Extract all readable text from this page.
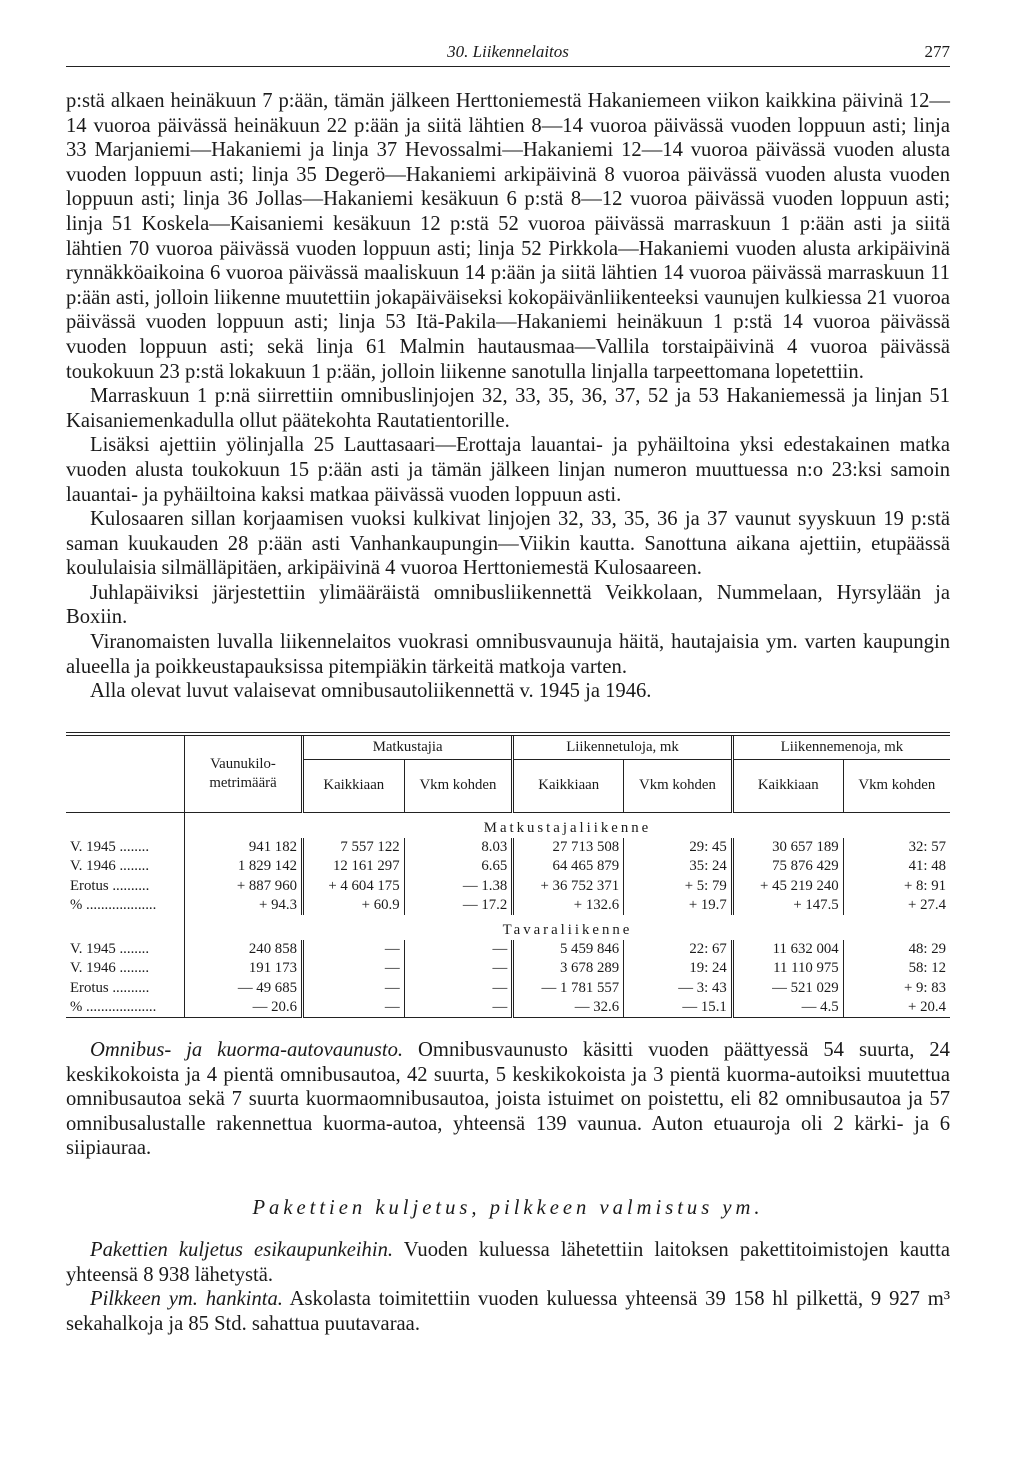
30. Liikennelaitos	277

p:stä alkaen heinäkuun 7 p:ään, tämän jälkeen Herttoniemestä Hakaniemeen viikon kaikkina päivinä 12—14 vuoroa päivässä heinäkuun 22 p:ään ja siitä lähtien 8—14 vuoroa päivässä vuoden loppuun asti; linja 33 Marjaniemi—Hakaniemi ja linja 37 Hevossalmi—Hakaniemi 12—14 vuoroa päivässä vuoden alusta vuoden loppuun asti; linja 35 Degerö—Hakaniemi arkipäivinä 8 vuoroa päivässä vuoden alusta vuoden loppuun asti; linja 36 Jollas—Hakaniemi kesäkuun 6 p:stä 8—12 vuoroa päivässä vuoden loppuun asti; linja 51 Koskela—Kaisaniemi kesäkuun 12 p:stä 52 vuoroa päivässä marraskuun 1 p:ään asti ja siitä lähtien 70 vuoroa päivässä vuoden loppuun asti; linja 52 Pirkkola—Hakaniemi vuoden alusta arkipäivinä rynnäkköaikoina 6 vuoroa päivässä maaliskuun 14 p:ään ja siitä lähtien 14 vuoroa päivässä marraskuun 11 p:ään asti, jolloin liikenne muutettiin jokapäiväiseksi kokopäivänliikenteeksi vaunujen kulkiessa 21 vuoroa päivässä vuoden loppuun asti; linja 53 Itä-Pakila—Hakaniemi heinäkuun 1 p:stä 14 vuoroa päivässä vuoden loppuun asti; sekä linja 61 Malmin hautausmaa—Vallila torstaipäivinä 4 vuoroa päivässä toukokuun 23 p:stä lokakuun 1 p:ään, jolloin liikenne sanotulla linjalla tarpeettomana lopetettiin.

Marraskuun 1 p:nä siirrettiin omnibuslinjojen 32, 33, 35, 36, 37, 52 ja 53 Hakaniemessä ja linjan 51 Kaisaniemenkadulla ollut päätekohta Rautatientorille.

Lisäksi ajettiin yölinjalla 25 Lauttasaari—Erottaja lauantai- ja pyhäiltoina yksi edestakainen matka vuoden alusta toukokuun 15 p:ään asti ja tämän jälkeen linjan numeron muuttuessa n:o 23:ksi samoin lauantai- ja pyhäiltoina kaksi matkaa päivässä vuoden loppuun asti.

Kulosaaren sillan korjaamisen vuoksi kulkivat linjojen 32, 33, 35, 36 ja 37 vaunut syyskuun 19 p:stä saman kuukauden 28 p:ään asti Vanhankaupungin—Viikin kautta. Sanottuna aikana ajettiin, etupäässä koululaisia silmälläpitäen, arkipäivinä 4 vuoroa Herttoniemestä Kulosaareen.

Juhlapäiviksi järjestettiin ylimääräistä omnibusliikennettä Veikkolaan, Nummelaan, Hyrsylään ja Boxiin.

Viranomaisten luvalla liikennelaitos vuokrasi omnibusvaunuja häitä, hautajaisia ym. varten kaupungin alueella ja poikkeustapauksissa pitempiäkin tärkeitä matkoja varten.

Alla olevat luvut valaisevat omnibusautoliikennettä v. 1945 ja 1946.

	Vaunukilo-metrimäärä	Matkustajia		Liikennetuloja, mk		Liikennemenoja, mk	
		Kaikkiaan	Vkm kohden	Kaikkiaan	Vkm kohden	Kaikkiaan	Vkm kohden
	Matkustajaliikenne						
V. 1945 ........	941 182	7 557 122	8.03	27 713 508	29: 45	30 657 189	32: 57
V. 1946 ........	1 829 142	12 161 297	6.65	64 465 879	35: 24	75 876 429	41: 48
Erotus ..........	+ 887 960	+ 4 604 175	— 1.38	+ 36 752 371	+ 5: 79	+ 45 219 240	+ 8: 91
% ...................	+ 94.3	+ 60.9	— 17.2	+ 132.6	+ 19.7	+ 147.5	+ 27.4
	Tavaraliikenne						
V. 1945 ........	240 858	—	—	5 459 846	22: 67	11 632 004	48: 29
V. 1946 ........	191 173	—	—	3 678 289	19: 24	11 110 975	58: 12
Erotus ..........	— 49 685	—	—	— 1 781 557	— 3: 43	— 521 029	+ 9: 83
% ...................	— 20.6	—	—	— 32.6	— 15.1	— 4.5	+ 20.4

Omnibus- ja kuorma-autovaunusto. Omnibusvaunusto käsitti vuoden päättyessä 54 suurta, 24 keskikokoista ja 4 pientä omnibusautoa, 42 suurta, 5 keskikokoista ja 3 pientä kuorma-autoiksi muutettua omnibusautoa sekä 7 suurta kuormaomnibusautoa, joista istuimet on poistettu, eli 82 omnibusautoa ja 57 omnibusalustalle rakennettua kuorma-autoa, yhteensä 139 vaunua. Auton etuauroja oli 2 kärki- ja 6 siipiauraa.

Pakettien kuljetus, pilkkeen valmistus ym.

Pakettien kuljetus esikaupunkeihin. Vuoden kuluessa lähetettiin laitoksen pakettitoimistojen kautta yhteensä 8 938 lähetystä.

Pilkkeen ym. hankinta. Askolasta toimitettiin vuoden kuluessa yhteensä 39 158 hl pilkettä, 9 927 m³ sekahalkoja ja 85 Std. sahattua puutavaraa.
